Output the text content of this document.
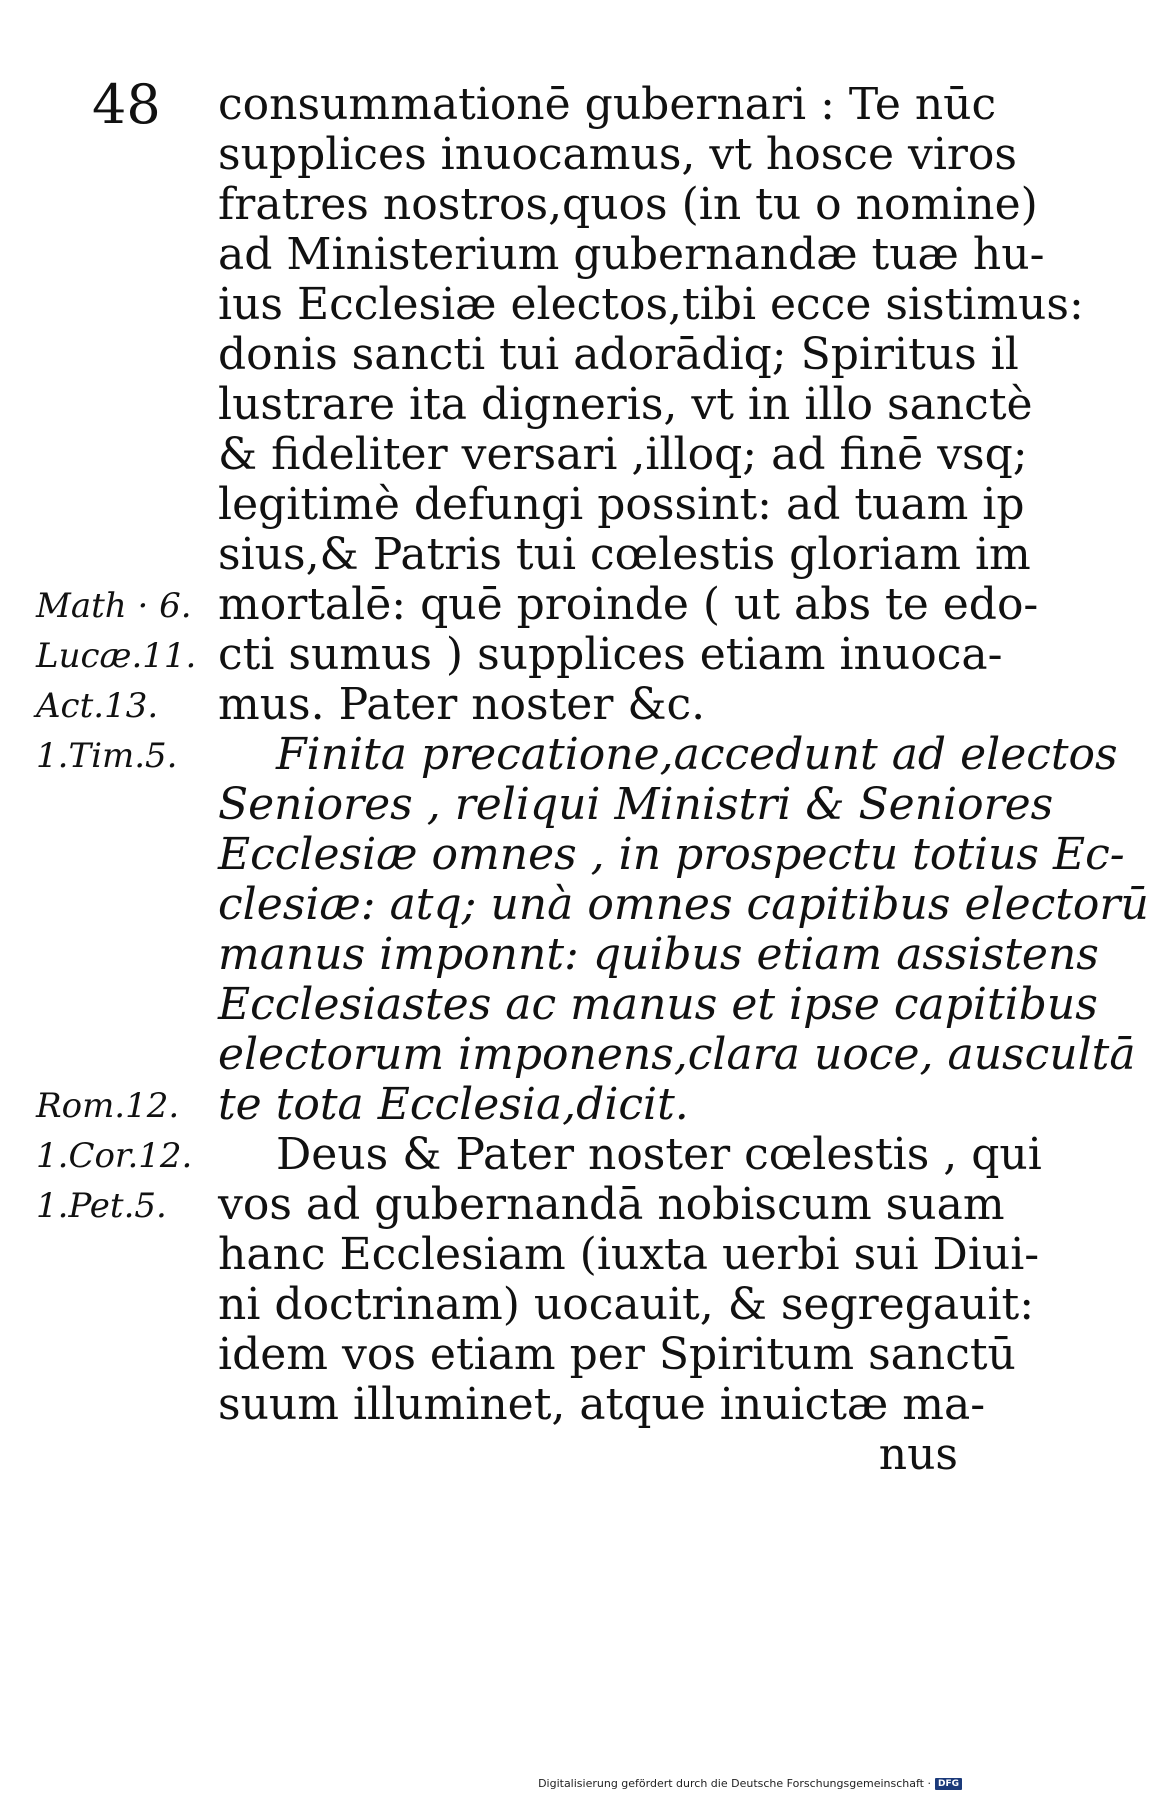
48 consummationē gubernari : Te nūc
supplices inuocamus, vt hosce viros
fratres nostros,quos (in tu o nomine)
ad Ministerium gubernandæ tuæ hu-
ius Ecclesiæ electos,tibi ecce sistimus:
donis sancti tui adorādiq; Spiritus il
lustrare ita digneris, vt in illo sanctè
& fideliter versari ,illoq; ad finē vsq;
legitimè defungi possint: ad tuam ip
sius,& Patris tui cœlestis gloriam im
mortalē: quē proinde ( ut abs te edo-
cti sumus ) supplices etiam inuoca-
mus. Pater noster &c.
Finita precatione,accedunt ad electos
Seniores , reliqui Ministri & Seniores
Ecclesiæ omnes , in prospectu totius Ec-
clesiæ: atq; unà omnes capitibus electorū
manus imponnt: quibus etiam assistens
Ecclesiastes ac manus et ipse capitibus
electorum imponens,clara uoce, auscultā
te tota Ecclesia,dicit.
Deus & Pater noster cœlestis , qui
vos ad gubernandā nobiscum suam
hanc Ecclesiam (iuxta uerbi sui Diui-
ni doctrinam) uocauit, & segregauit:
idem vos etiam per Spiritum sanctū
suum illuminet, atque inuictæ ma-
nus
Math · 6.
Lucæ.11.
Act.13.
1.Tim.5.
Rom.12.
1.Cor.12.
1.Pet.5.
Digitalisierung gefördert durch die Deutsche Forschungsgemeinschaft · DFG
